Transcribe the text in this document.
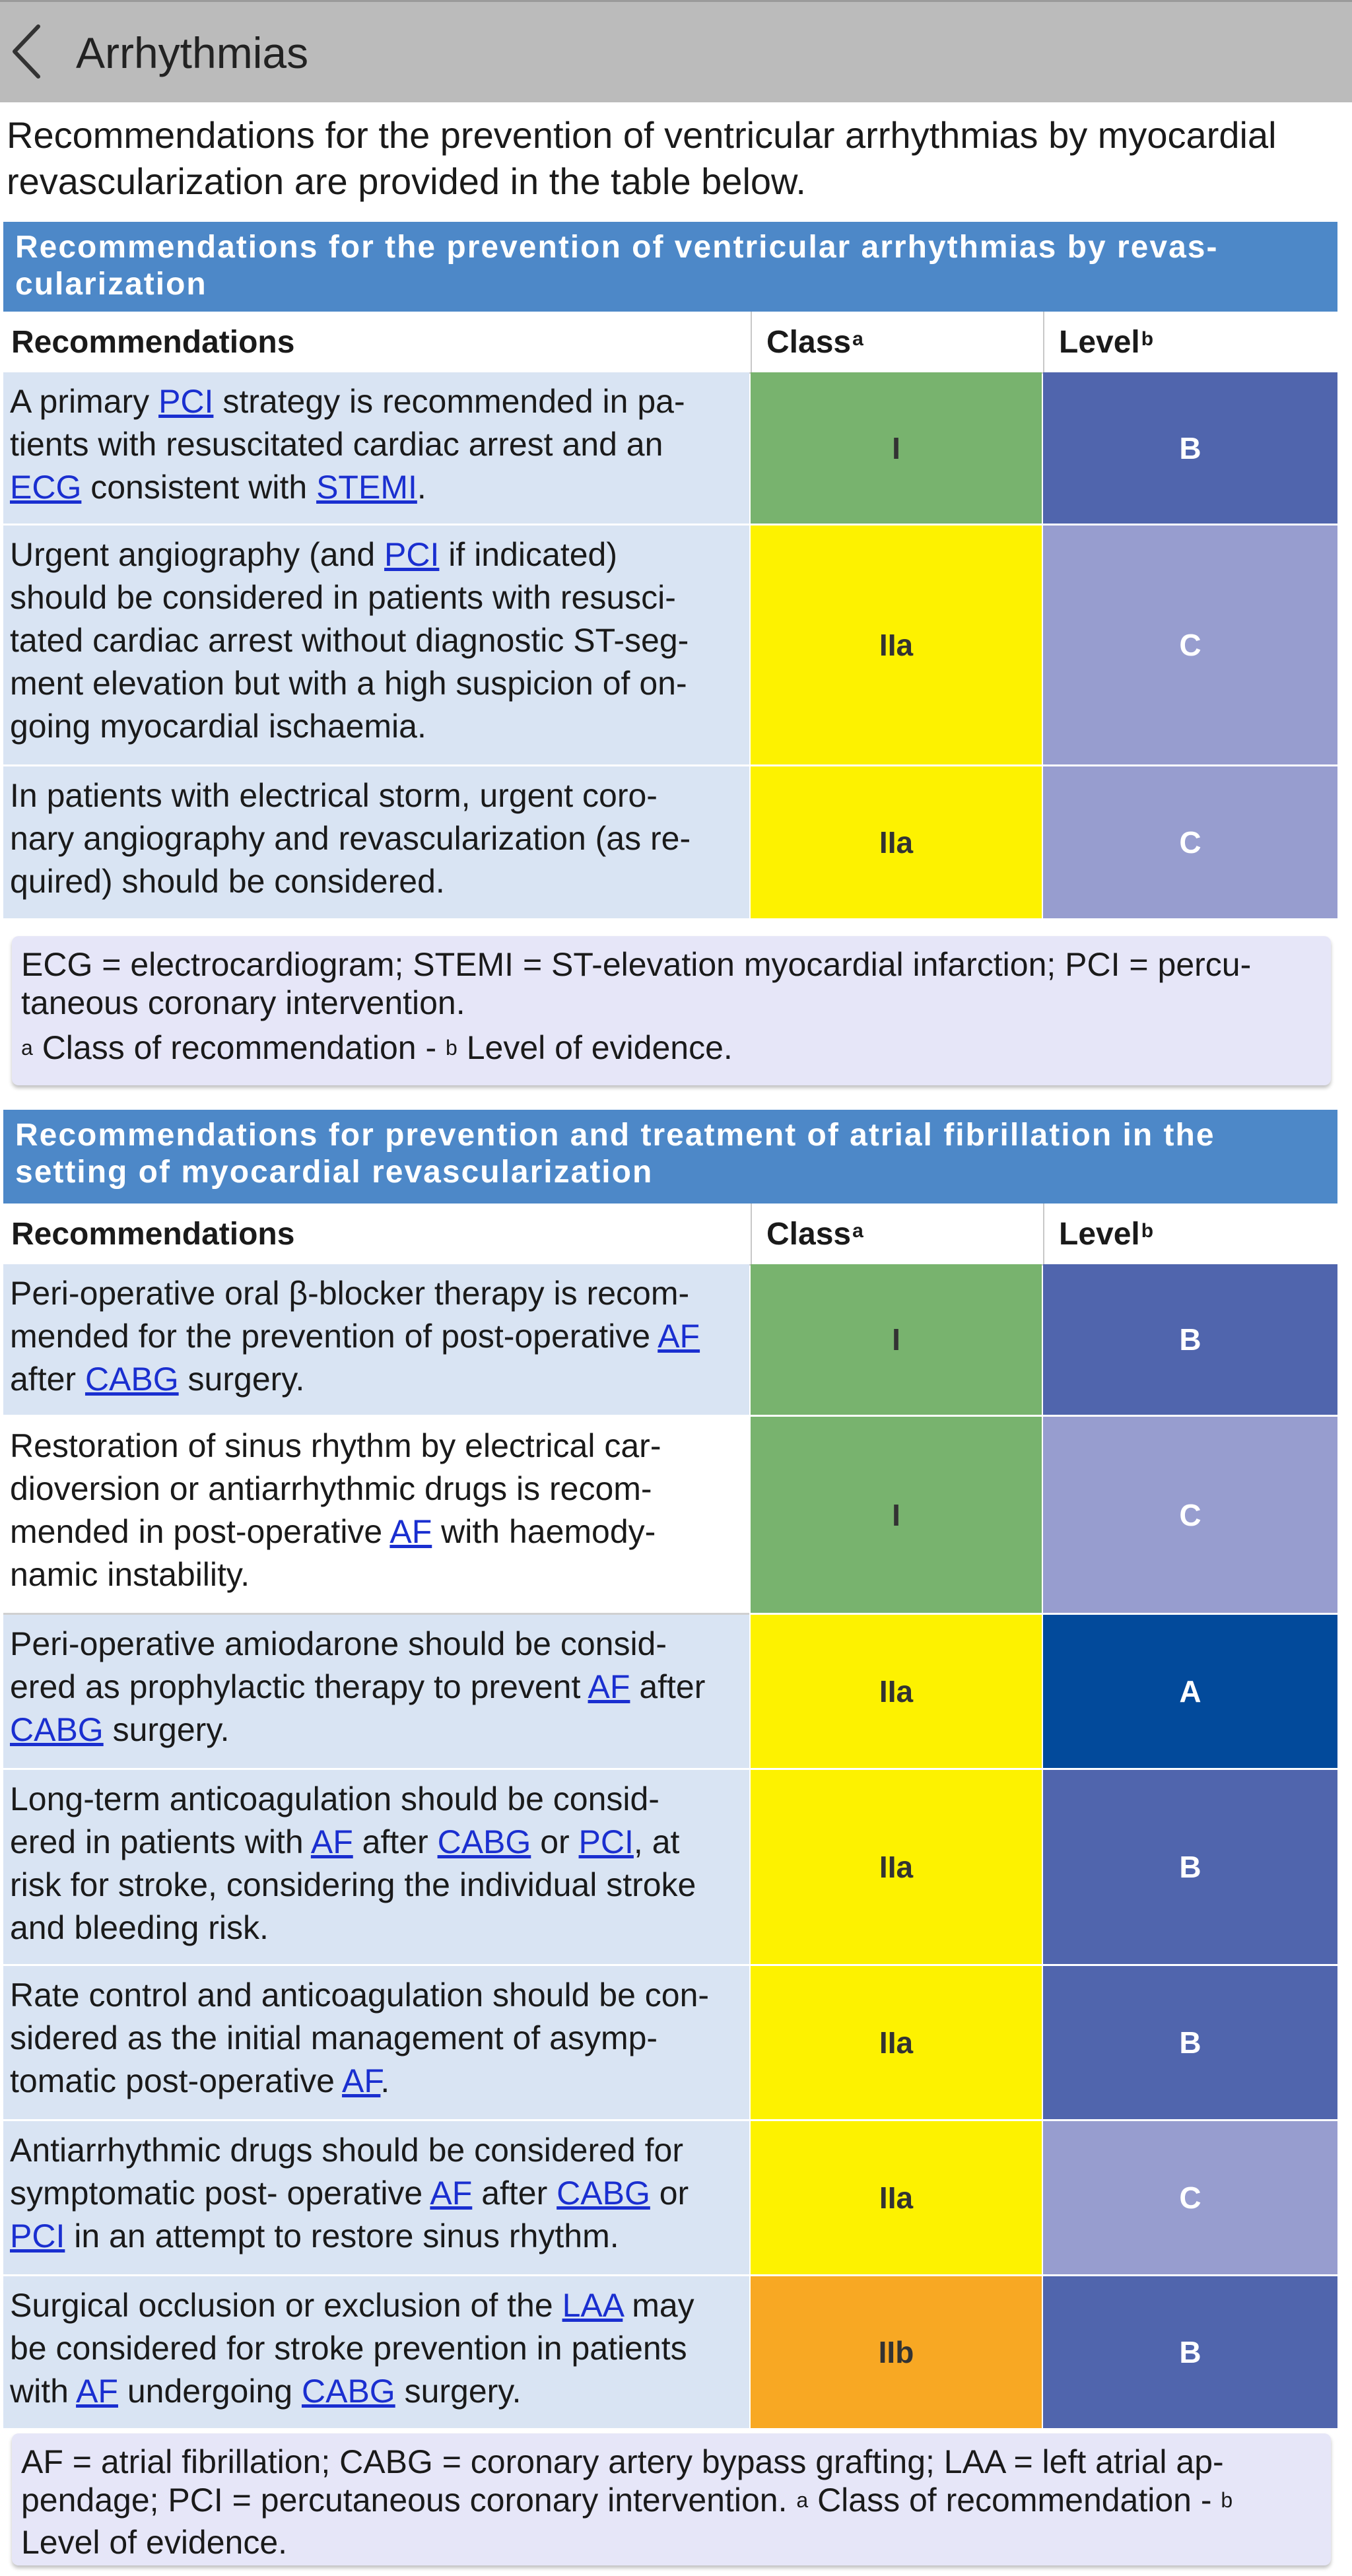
Arrhythmias
Recommendations for the prevention of ventricular arrhythmias by myocardial revascularization are provided in the table below.
Recommendations for the prevention of ventricular arrhythmias by revas-
cularization
Recommendations	Class$^a$	Level$^b$
A primary PCI strategy is recommended in pa-
tients with resuscitated cardiac arrest and an
ECG consistent with STEMI.
I	B
Urgent angiography (and PCI if indicated)
should be considered in patients with resusci-
tated cardiac arrest without diagnostic ST-seg-
ment elevation but with a high suspicion of on-
going myocardial ischaemia.
IIa	C
In patients with electrical storm, urgent coro-
nary angiography and revascularization (as re-
quired) should be considered.
IIa	C
ECG = electrocardiogram; STEMI = ST-elevation myocardial infarction; PCI = percu-
taneous coronary intervention.
$^a$ Class of recommendation - $^b$ Level of evidence.
Recommendations for prevention and treatment of atrial fibrillation in the
setting of myocardial revascularization
Recommendations	Class$^a$	Level$^b$
Peri-operative oral β-blocker therapy is recom-
mended for the prevention of post-operative AF
after CABG surgery.
I	B
Restoration of sinus rhythm by electrical car-
dioversion or antiarrhythmic drugs is recom-
mended in post-operative AF with haemody-
namic instability.
I	C
Peri-operative amiodarone should be consid-
ered as prophylactic therapy to prevent AF after
CABG surgery.
IIa	A
Long-term anticoagulation should be consid-
ered in patients with AF after CABG or PCI, at
risk for stroke, considering the individual stroke
and bleeding risk.
IIa	B
Rate control and anticoagulation should be con-
sidered as the initial management of asymp-
tomatic post-operative AF.
IIa	B
Antiarrhythmic drugs should be considered for
symptomatic post- operative AF after CABG or
PCI in an attempt to restore sinus rhythm.
IIa	C
Surgical occlusion or exclusion of the LAA may
be considered for stroke prevention in patients
with AF undergoing CABG surgery.
IIb	B
AF = atrial fibrillation; CABG = coronary artery bypass grafting; LAA = left atrial ap-
pendage; PCI = percutaneous coronary intervention. $^a$ Class of recommendation - $^b$
Level of evidence.
